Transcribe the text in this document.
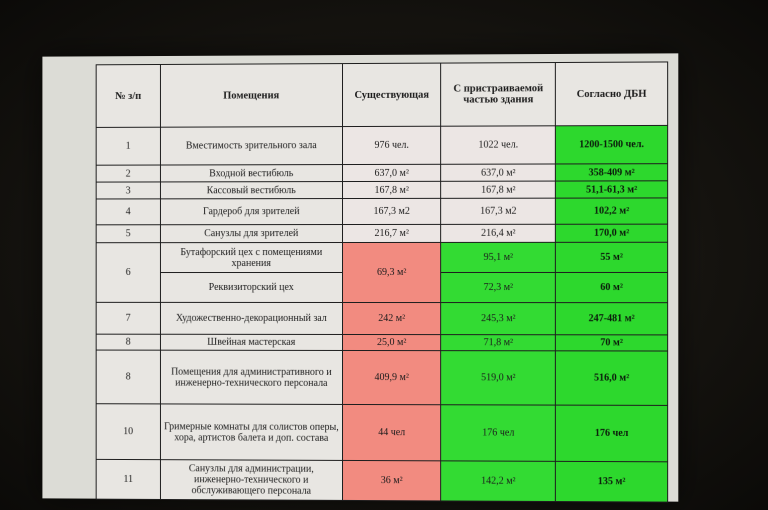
№ з/п	Помещения	Существующая	С пристраиваемой частью здания	Согласно ДБН
1	Вместимость зрительного зала	976 чел.	1022 чел.	1200-1500 чел.
2	Входной вестибюль	637,0 м²	637,0 м²	358-409 м²
3	Кассовый вестибюль	167,8 м²	167,8 м²	51,1-61,3 м²
4	Гардероб для зрителей	167,3 м2	167,3 м2	102,2 м²
5	Санузлы для зрителей	216,7 м²	216,4 м²	170,0 м²
6	Бутафорский цех с помещениями хранения	69,3 м²	95,1 м²	55 м²
	Реквизиторский цех		72,3 м²	60 м²
7	Художественно-декорационный зал	242 м²	245,3 м²	247-481 м²
8	Швейная мастерская	25,0 м²	71,8 м²	70 м²
8	Помещения для административного и инженерно-технического персонала	409,9 м²	519,0 м²	516,0 м²
10	Гримерные комнаты для солистов оперы, хора, артистов балета и доп. состава	44 чел	176 чел	176 чел
11	Санузлы для администрации, инженерно-технического и обслуживающего персонала	36 м²	142,2 м²	135 м²
